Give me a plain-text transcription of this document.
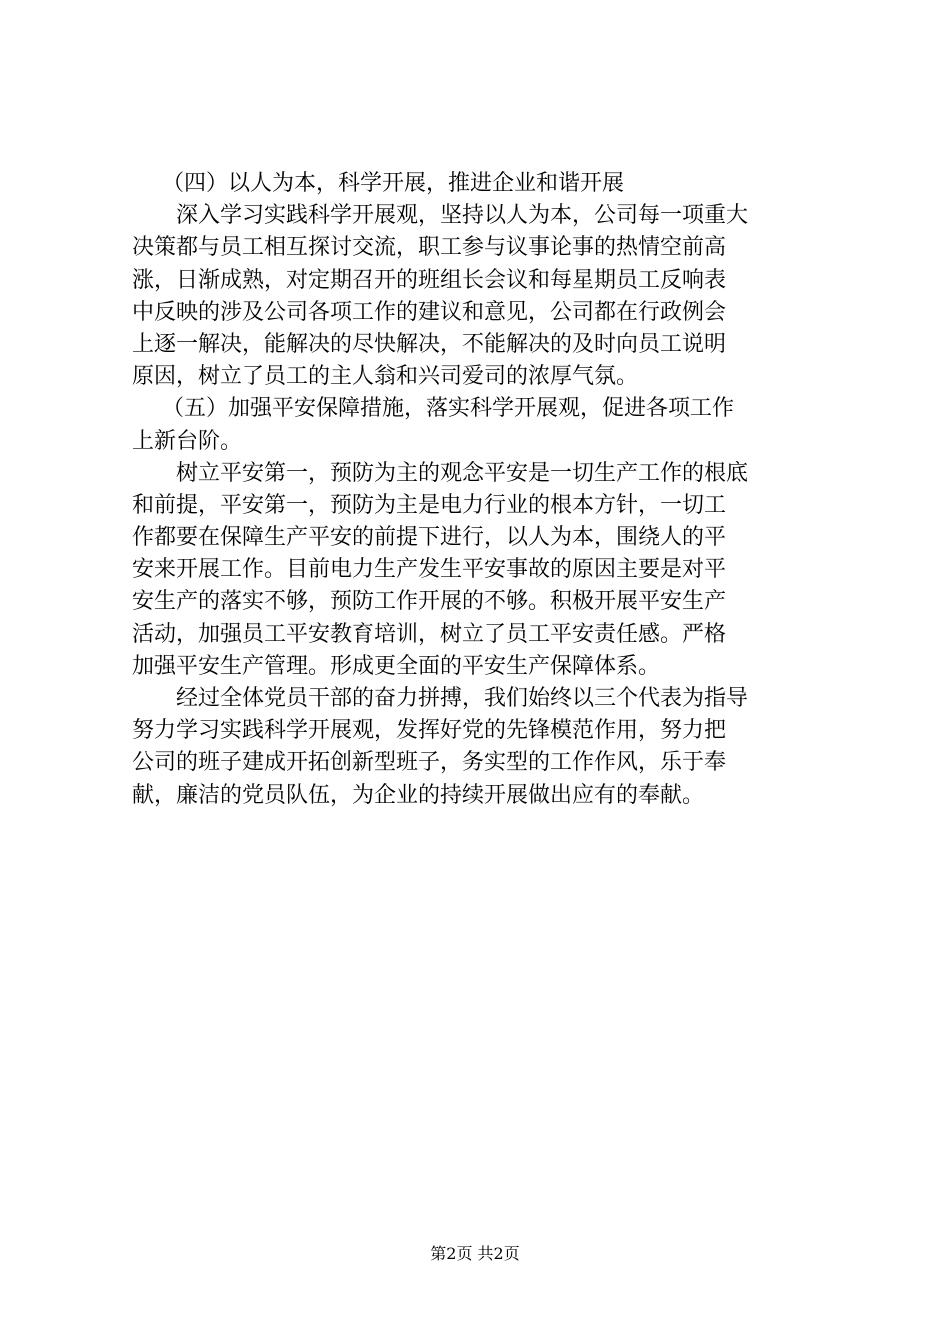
（四）以人为本，科学开展，推进企业和谐开展
深入学习实践科学开展观，坚持以人为本，公司每一项重大
决策都与员工相互探讨交流，职工参与议事论事的热情空前高
涨，日渐成熟，对定期召开的班组长会议和每星期员工反响表
中反映的涉及公司各项工作的建议和意见，公司都在行政例会
上逐一解决，能解决的尽快解决，不能解决的及时向员工说明
原因，树立了员工的主人翁和兴司爱司的浓厚气氛。
（五）加强平安保障措施，落实科学开展观，促进各项工作
上新台阶。
树立平安第一，预防为主的观念平安是一切生产工作的根底
和前提，平安第一，预防为主是电力行业的根本方针，一切工
作都要在保障生产平安的前提下进行，以人为本，围绕人的平
安来开展工作。目前电力生产发生平安事故的原因主要是对平
安生产的落实不够，预防工作开展的不够。积极开展平安生产
活动，加强员工平安教育培训，树立了员工平安责任感。严格
加强平安生产管理。形成更全面的平安生产保障体系。
经过全体党员干部的奋力拼搏，我们始终以三个代表为指导
努力学习实践科学开展观，发挥好党的先锋模范作用，努力把
公司的班子建成开拓创新型班子，务实型的工作作风，乐于奉
献，廉洁的党员队伍，为企业的持续开展做出应有的奉献。
第2页 共2页
